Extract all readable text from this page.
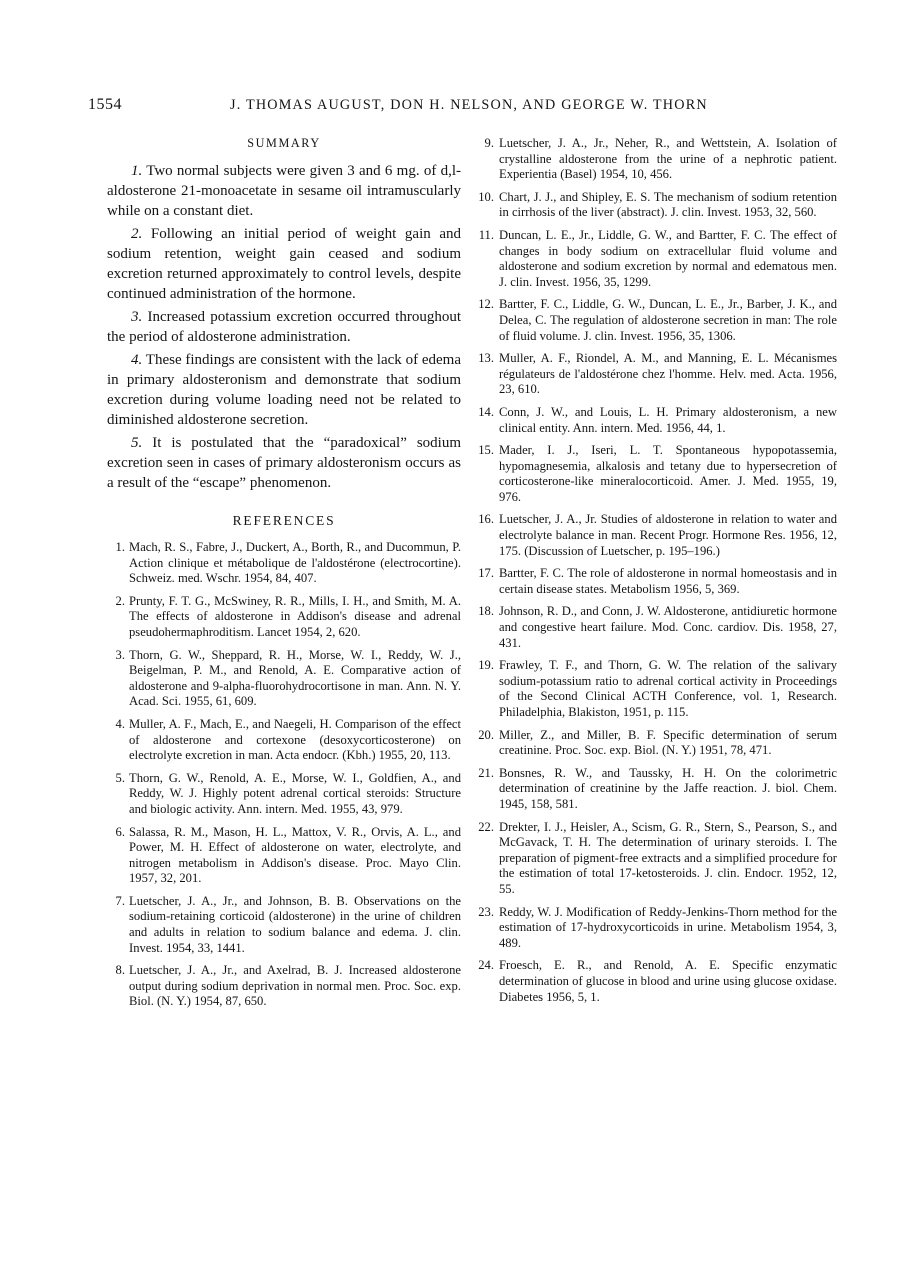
1554	J. THOMAS AUGUST, DON H. NELSON, AND GEORGE W. THORN
SUMMARY

1. Two normal subjects were given 3 and 6 mg. of d,l-aldosterone 21-monoacetate in sesame oil intramuscularly while on a constant diet.

2. Following an initial period of weight gain and sodium retention, weight gain ceased and sodium excretion returned approximately to control levels, despite continued administration of the hormone.

3. Increased potassium excretion occurred throughout the period of aldosterone administration.

4. These findings are consistent with the lack of edema in primary aldosteronism and demonstrate that sodium excretion during volume loading need not be related to diminished aldosterone secretion.

5. It is postulated that the “paradoxical” sodium excretion seen in cases of primary aldosteronism occurs as a result of the “escape” phenomenon.

REFERENCES
1. Mach, R. S., Fabre, J., Duckert, A., Borth, R., and Ducommun, P. Action clinique et métabolique de l'aldostérone (electrocortine). Schweiz. med. Wschr. 1954, 84, 407.
2. Prunty, F. T. G., McSwiney, R. R., Mills, I. H., and Smith, M. A. The effects of aldosterone in Addison's disease and adrenal pseudohermaphroditism. Lancet 1954, 2, 620.
3. Thorn, G. W., Sheppard, R. H., Morse, W. I., Reddy, W. J., Beigelman, P. M., and Renold, A. E. Comparative action of aldosterone and 9-alpha-fluorohydrocortisone in man. Ann. N. Y. Acad. Sci. 1955, 61, 609.
4. Muller, A. F., Mach, E., and Naegeli, H. Comparison of the effect of aldosterone and cortexone (desoxycorticosterone) on electrolyte excretion in man. Acta endocr. (Kbh.) 1955, 20, 113.
5. Thorn, G. W., Renold, A. E., Morse, W. I., Goldfien, A., and Reddy, W. J. Highly potent adrenal cortical steroids: Structure and biologic activity. Ann. intern. Med. 1955, 43, 979.
6. Salassa, R. M., Mason, H. L., Mattox, V. R., Orvis, A. L., and Power, M. H. Effect of aldosterone on water, electrolyte, and nitrogen metabolism in Addison's disease. Proc. Mayo Clin. 1957, 32, 201.
7. Luetscher, J. A., Jr., and Johnson, B. B. Observations on the sodium-retaining corticoid (aldosterone) in the urine of children and adults in relation to sodium balance and edema. J. clin. Invest. 1954, 33, 1441.
8. Luetscher, J. A., Jr., and Axelrad, B. J. Increased aldosterone output during sodium deprivation in normal men. Proc. Soc. exp. Biol. (N. Y.) 1954, 87, 650.
9. Luetscher, J. A., Jr., Neher, R., and Wettstein, A. Isolation of crystalline aldosterone from the urine of a nephrotic patient. Experientia (Basel) 1954, 10, 456.
10. Chart, J. J., and Shipley, E. S. The mechanism of sodium retention in cirrhosis of the liver (abstract). J. clin. Invest. 1953, 32, 560.
11. Duncan, L. E., Jr., Liddle, G. W., and Bartter, F. C. The effect of changes in body sodium on extracellular fluid volume and aldosterone and sodium excretion by normal and edematous men. J. clin. Invest. 1956, 35, 1299.
12. Bartter, F. C., Liddle, G. W., Duncan, L. E., Jr., Barber, J. K., and Delea, C. The regulation of aldosterone secretion in man: The role of fluid volume. J. clin. Invest. 1956, 35, 1306.
13. Muller, A. F., Riondel, A. M., and Manning, E. L. Mécanismes régulateurs de l'aldostérone chez l'homme. Helv. med. Acta. 1956, 23, 610.
14. Conn, J. W., and Louis, L. H. Primary aldosteronism, a new clinical entity. Ann. intern. Med. 1956, 44, 1.
15. Mader, I. J., Iseri, L. T. Spontaneous hypopotassemia, hypomagnesemia, alkalosis and tetany due to hypersecretion of corticosterone-like mineralocorticoid. Amer. J. Med. 1955, 19, 976.
16. Luetscher, J. A., Jr. Studies of aldosterone in relation to water and electrolyte balance in man. Recent Progr. Hormone Res. 1956, 12, 175. (Discussion of Luetscher, p. 195–196.)
17. Bartter, F. C. The role of aldosterone in normal homeostasis and in certain disease states. Metabolism 1956, 5, 369.
18. Johnson, R. D., and Conn, J. W. Aldosterone, antidiuretic hormone and congestive heart failure. Mod. Conc. cardiov. Dis. 1958, 27, 431.
19. Frawley, T. F., and Thorn, G. W. The relation of the salivary sodium-potassium ratio to adrenal cortical activity in Proceedings of the Second Clinical ACTH Conference, vol. 1, Research. Philadelphia, Blakiston, 1951, p. 115.
20. Miller, Z., and Miller, B. F. Specific determination of serum creatinine. Proc. Soc. exp. Biol. (N. Y.) 1951, 78, 471.
21. Bonsnes, R. W., and Taussky, H. H. On the colorimetric determination of creatinine by the Jaffe reaction. J. biol. Chem. 1945, 158, 581.
22. Drekter, I. J., Heisler, A., Scism, G. R., Stern, S., Pearson, S., and McGavack, T. H. The determination of urinary steroids. I. The preparation of pigment-free extracts and a simplified procedure for the estimation of total 17-ketosteroids. J. clin. Endocr. 1952, 12, 55.
23. Reddy, W. J. Modification of Reddy-Jenkins-Thorn method for the estimation of 17-hydroxycorticoids in urine. Metabolism 1954, 3, 489.
24. Froesch, E. R., and Renold, A. E. Specific enzymatic determination of glucose in blood and urine using glucose oxidase. Diabetes 1956, 5, 1.
